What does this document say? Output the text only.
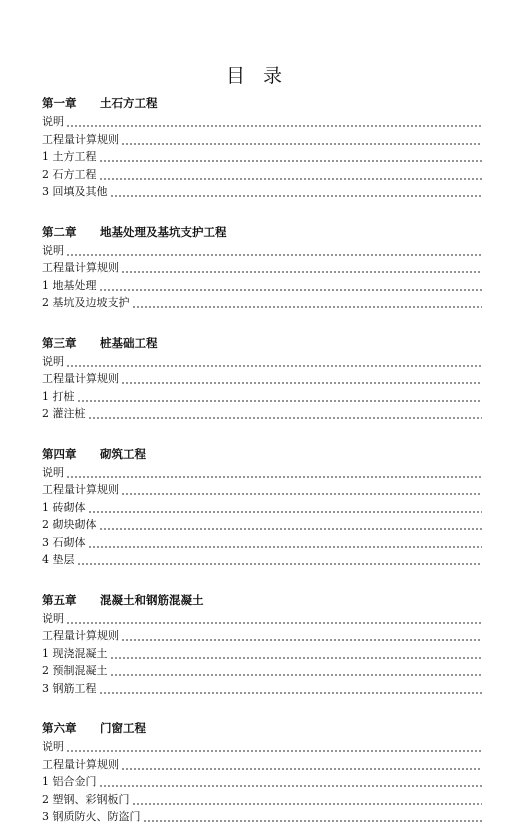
目 录
第一章 土石方工程
说明
工程量计算规则
1 土方工程
2 石方工程
3 回填及其他
第二章 地基处理及基坑支护工程
说明
工程量计算规则
1 地基处理
2 基坑及边坡支护
第三章 桩基础工程
说明
工程量计算规则
1 打桩
2 灌注桩
第四章 砌筑工程
说明
工程量计算规则
1 砖砌体
2 砌块砌体
3 石砌体
4 垫层
第五章 混凝土和钢筋混凝土
说明
工程量计算规则
1 现浇混凝土
2 预制混凝土
3 钢筋工程
第六章 门窗工程
说明
工程量计算规则
1 铝合金门
2 塑钢、彩钢板门
3 钢质防火、防盗门
